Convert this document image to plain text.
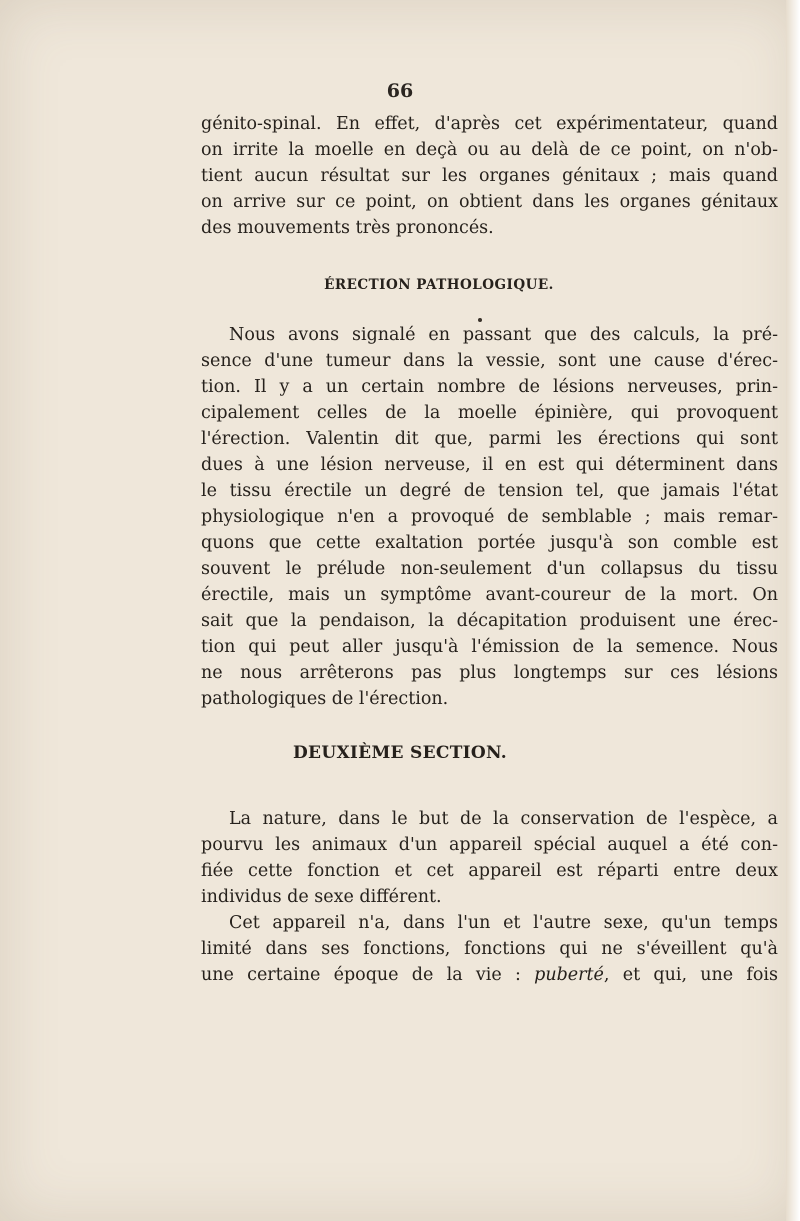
66
génito-spinal. En effet, d'après cet expérimentateur, quand
on irrite la moelle en deçà ou au delà de ce point, on n'ob-
tient aucun résultat sur les organes génitaux ; mais quand
on arrive sur ce point, on obtient dans les organes génitaux
des mouvements très prononcés.
ÉRECTION PATHOLOGIQUE.
Nous avons signalé en passant que des calculs, la pré-
sence d'une tumeur dans la vessie, sont une cause d'érec-
tion. Il y a un certain nombre de lésions nerveuses, prin-
cipalement celles de la moelle épinière, qui provoquent
l'érection. Valentin dit que, parmi les érections qui sont
dues à une lésion nerveuse, il en est qui déterminent dans
le tissu érectile un degré de tension tel, que jamais l'état
physiologique n'en a provoqué de semblable ; mais remar-
quons que cette exaltation portée jusqu'à son comble est
souvent le prélude non-seulement d'un collapsus du tissu
érectile, mais un symptôme avant-coureur de la mort. On
sait que la pendaison, la décapitation produisent une érec-
tion qui peut aller jusqu'à l'émission de la semence. Nous
ne nous arrêterons pas plus longtemps sur ces lésions
pathologiques de l'érection.
DEUXIÈME SECTION.
La nature, dans le but de la conservation de l'espèce, a
pourvu les animaux d'un appareil spécial auquel a été con-
fiée cette fonction et cet appareil est réparti entre deux
individus de sexe différent.
Cet appareil n'a, dans l'un et l'autre sexe, qu'un temps
limité dans ses fonctions, fonctions qui ne s'éveillent qu'à
une certaine époque de la vie : puberté, et qui, une fois
